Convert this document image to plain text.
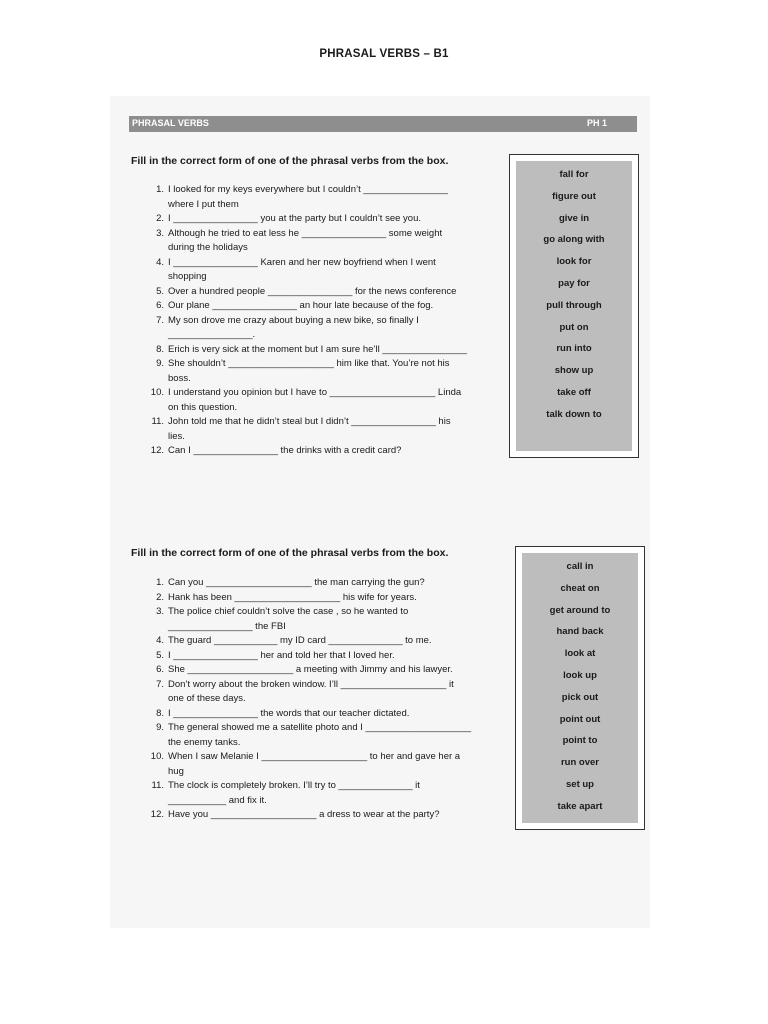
PHRASAL VERBS – B1
PHRASAL VERBS	PH 1
Fill in the correct form of one of the phrasal verbs from the box.
1. I looked for my keys everywhere but I couldn’t ________________
where I put them
2. I ________________ you at the party but I couldn’t see you.
3. Although he tried to eat less he ________________ some weight
during the holidays
4. I ________________ Karen and her new boyfriend when I went
shopping
5. Over a hundred people ________________ for the news conference
6. Our plane ________________ an hour late because of the fog.
7. My son drove me crazy about buying a new bike, so finally I
________________.
8. Erich is very sick at the moment but I am sure he’ll ________________
9. She shouldn’t ____________________ him like that. You’re not his
boss.
10. I understand you opinion but I have to ____________________ Linda
on this question.
11. John told me that he didn’t steal but I didn’t ________________ his
lies.
12. Can I ________________ the drinks with a credit card?
fall for
figure out
give in
go along with
look for
pay for
pull through
put on
run into
show up
take off
talk down to
Fill in the correct form of one of the phrasal verbs from the box.
1. Can you ____________________ the man carrying the gun?
2. Hank has been ____________________ his wife for years.
3. The police chief couldn’t solve the case , so he wanted to
________________ the FBI
4. The guard ____________ my ID card ______________ to me.
5. I ________________ her and told her that I loved her.
6. She ____________________ a meeting with Jimmy and his lawyer.
7. Don’t worry about the broken window. I’ll ____________________ it
one of these days.
8. I ________________ the words that our teacher dictated.
9. The general showed me a satellite photo and I ____________________
the enemy tanks.
10. When I saw Melanie I ____________________ to her and gave her a
hug
11. The clock is completely broken. I’ll try to ______________ it
___________ and fix it.
12. Have you ____________________ a dress to wear at the party?
call in
cheat on
get around to
hand back
look at
look up
pick out
point out
point to
run over
set up
take apart
